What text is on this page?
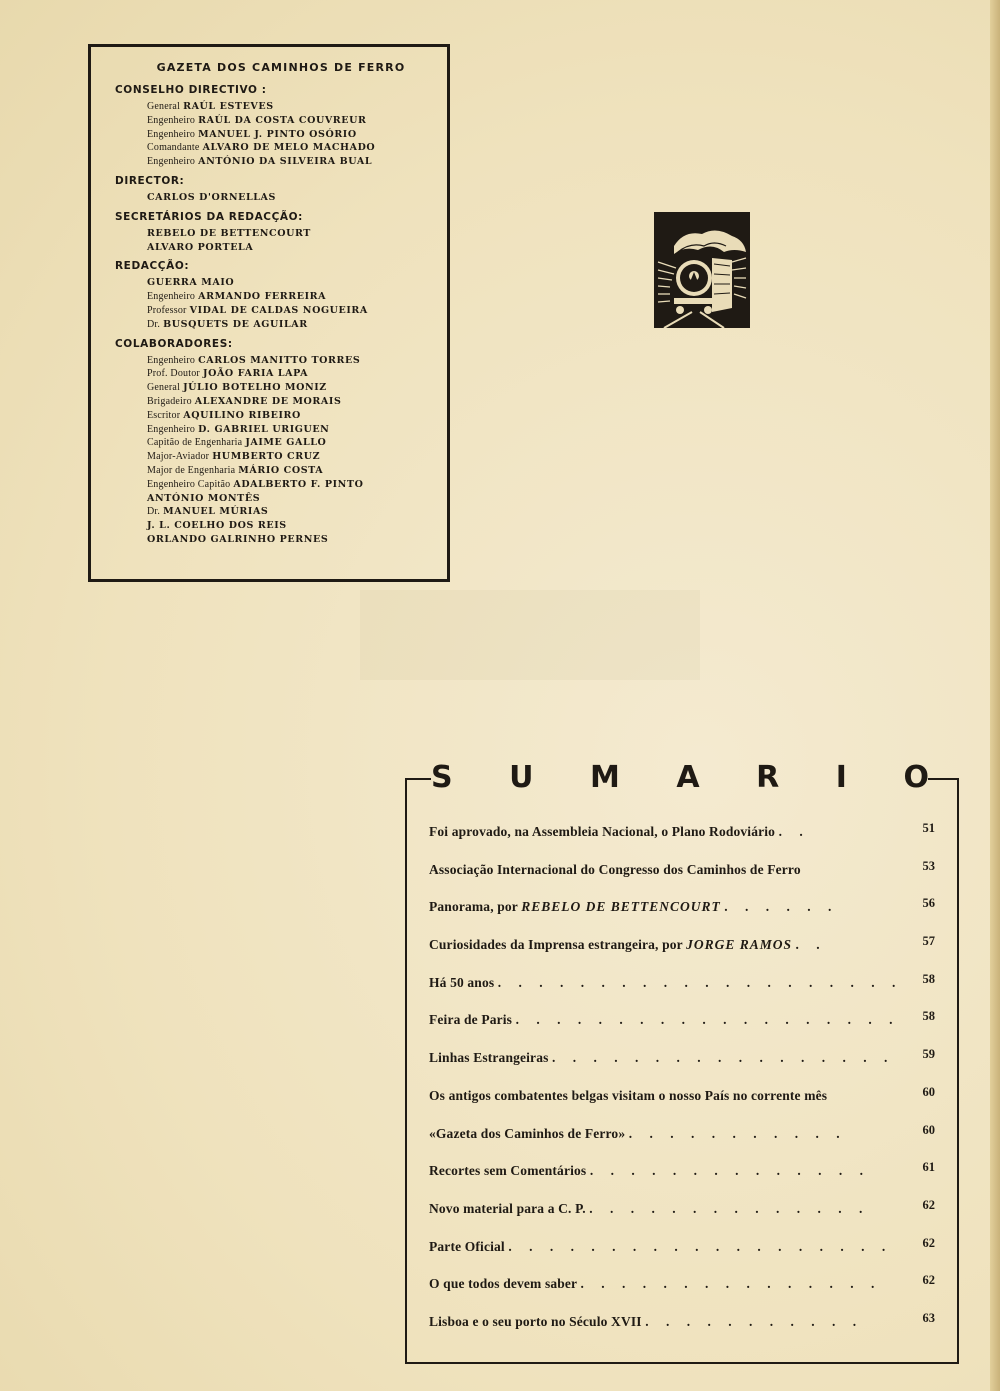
GAZETA DOS CAMINHOS DE FERRO
CONSELHO DIRECTIVO :
General RAÚL ESTEVES
Engenheiro RAÚL DA COSTA COUVREUR
Engenheiro MANUEL J. PINTO OSÓRIO
Comandante ALVARO DE MELO MACHADO
Engenheiro ANTÓNIO DA SILVEIRA BUAL
DIRECTOR:
CARLOS D'ORNELLAS
SECRETÁRIOS DA REDACÇÃO:
REBELO DE BETTENCOURT
ALVARO PORTELA
REDACÇÃO:
GUERRA MAIO
Engenheiro ARMANDO FERREIRA
Professor VIDAL DE CALDAS NOGUEIRA
Dr. BUSQUETS DE AGUILAR
COLABORADORES:
Engenheiro CARLOS MANITTO TORRES
Prof. Doutor JOÃO FARIA LAPA
General JÚLIO BOTELHO MONIZ
Brigadeiro ALEXANDRE DE MORAIS
Escritor AQUILINO RIBEIRO
Engenheiro D. GABRIEL URIGUEN
Capitão de Engenharia JAIME GALLO
Major-Aviador HUMBERTO CRUZ
Major de Engenharia MÁRIO COSTA
Engenheiro Capitão ADALBERTO F. PINTO
ANTÓNIO MONTÊS
Dr. MANUEL MÚRIAS
J. L. COELHO DOS REIS
ORLANDO GALRINHO PERNES
S U M A R I O
Foi aprovado, na Assembleia Nacional, o Plano Rodoviário . .	51
Associação Internacional do Congresso dos Caminhos de Ferro	53
Panorama, por REBELO DE BETTENCOURT . . . . . .	56
Curiosidades da Imprensa estrangeira, por JORGE RAMOS . .	57
Há 50 anos . . . . . . . . . . . . . . . . . . . . 58
Feira de Paris . . . . . . . . . . . . . . . . . . . 58
Linhas Estrangeiras . . . . . . . . . . . . . . . . . 59
Os antigos combatentes belgas visitam o nosso País no corrente mês	60
«Gazeta dos Caminhos de Ferro» . . . . . . . . . . .	60
Recortes sem Comentários . . . . . . . . . . . . . .	61
Novo material para a C. P. . . . . . . . . . . . . . .	62
Parte Oficial . . . . . . . . . . . . . . . . . . . 62
O que todos devem saber . . . . . . . . . . . . . . .	62
Lisboa e o seu porto no Século XVII . . . . . . . . . . .	63
